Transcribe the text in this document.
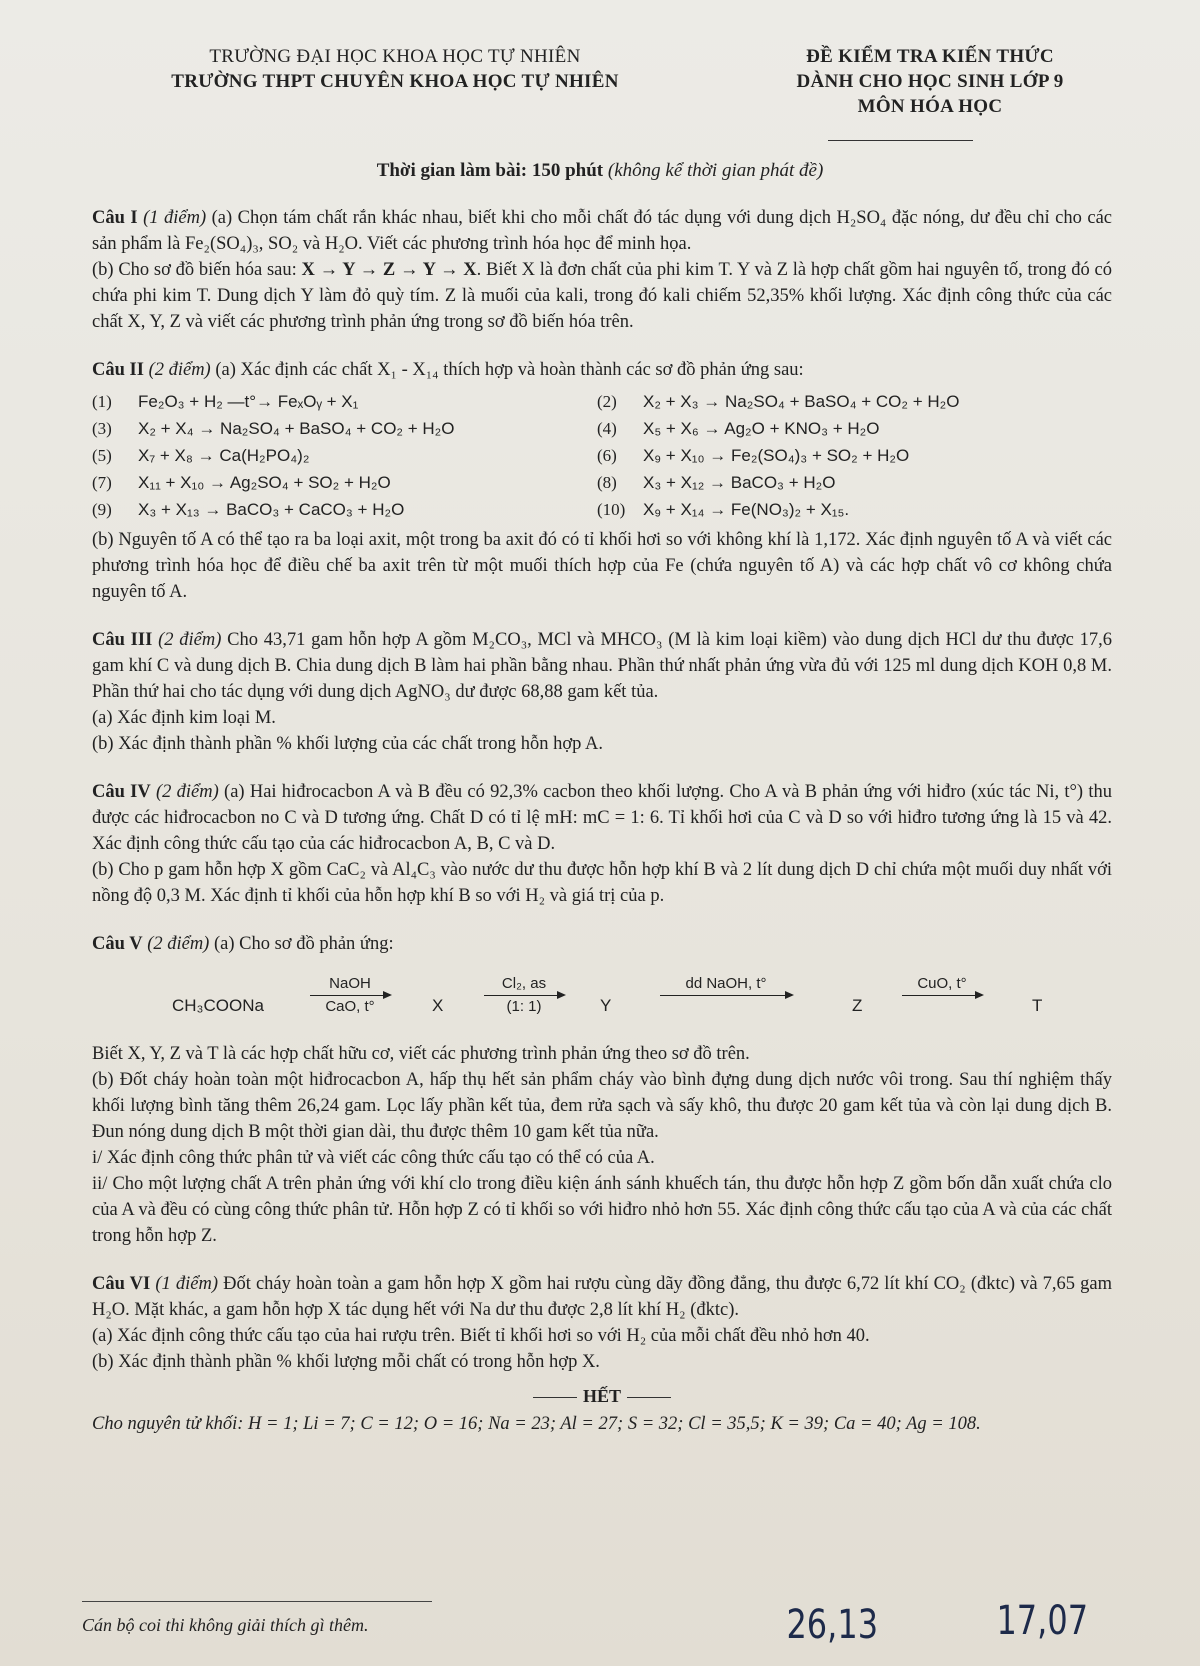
TRƯỜNG ĐẠI HỌC KHOA HỌC TỰ NHIÊN
TRƯỜNG THPT CHUYÊN KHOA HỌC TỰ NHIÊN
ĐỀ KIỂM TRA KIẾN THỨC
DÀNH CHO HỌC SINH LỚP 9
MÔN HÓA HỌC
Thời gian làm bài: 150 phút (không kể thời gian phát đề)

Câu I (1 điểm) (a) Chọn tám chất rắn khác nhau, biết khi cho mỗi chất đó tác dụng với dung dịch H₂SO₄ đặc nóng, dư đều chỉ cho các sản phẩm là Fe₂(SO₄)₃, SO₂ và H₂O. Viết các phương trình hóa học để minh họa.

(b) Cho sơ đồ biến hóa sau: X → Y → Z → Y → X. Biết X là đơn chất của phi kim T. Y và Z là hợp chất gồm hai nguyên tố, trong đó có chứa phi kim T. Dung dịch Y làm đỏ quỳ tím. Z là muối của kali, trong đó kali chiếm 52,35% khối lượng. Xác định công thức của các chất X, Y, Z và viết các phương trình phản ứng trong sơ đồ biến hóa trên.

Câu II (2 điểm) (a) Xác định các chất X₁ - X₁₄ thích hợp và hoàn thành các sơ đồ phản ứng sau:

(1) Fe₂O₃ + H₂ —t°→ FeₓOᵧ + X₁	(2) X₂ + X₃ → Na₂SO₄ + BaSO₄ + CO₂ + H₂O
(3) X₂ + X₄ → Na₂SO₄ + BaSO₄ + CO₂ + H₂O	(4) X₅ + X₆ → Ag₂O + KNO₃ + H₂O
(5) X₇ + X₈ → Ca(H₂PO₄)₂	(6) X₉ + X₁₀ → Fe₂(SO₄)₃ + SO₂ + H₂O
(7) X₁₁ + X₁₀ → Ag₂SO₄ + SO₂ + H₂O	(8) X₃ + X₁₂ → BaCO₃ + H₂O
(9) X₃ + X₁₃ → BaCO₃ + CaCO₃ + H₂O	(10) X₉ + X₁₄ → Fe(NO₃)₂ + X₁₅.

(b) Nguyên tố A có thể tạo ra ba loại axit, một trong ba axit đó có tỉ khối hơi so với không khí là 1,172. Xác định nguyên tố A và viết các phương trình hóa học để điều chế ba axit trên từ một muối thích hợp của Fe (chứa nguyên tố A) và các hợp chất vô cơ không chứa nguyên tố A.

Câu III (2 điểm) Cho 43,71 gam hỗn hợp A gồm M₂CO₃, MCl và MHCO₃ (M là kim loại kiềm) vào dung dịch HCl dư thu được 17,6 gam khí C và dung dịch B. Chia dung dịch B làm hai phần bằng nhau. Phần thứ nhất phản ứng vừa đủ với 125 ml dung dịch KOH 0,8 M. Phần thứ hai cho tác dụng với dung dịch AgNO₃ dư được 68,88 gam kết tủa.

(a) Xác định kim loại M.

(b) Xác định thành phần % khối lượng của các chất trong hỗn hợp A.

Câu IV (2 điểm) (a) Hai hiđrocacbon A và B đều có 92,3% cacbon theo khối lượng. Cho A và B phản ứng với hiđro (xúc tác Ni, t°) thu được các hiđrocacbon no C và D tương ứng. Chất D có tỉ lệ mH: mC = 1: 6. Tỉ khối hơi của C và D so với hiđro tương ứng là 15 và 42. Xác định công thức cấu tạo của các hiđrocacbon A, B, C và D.

(b) Cho p gam hỗn hợp X gồm CaC₂ và Al₄C₃ vào nước dư thu được hỗn hợp khí B và 2 lít dung dịch D chỉ chứa một muối duy nhất với nồng độ 0,3 M. Xác định tỉ khối của hỗn hợp khí B so với H₂ và giá trị của p.

Câu V (2 điểm) (a) Cho sơ đồ phản ứng:

CH₃COONa
NaOH
CaO, t°	X
Cl₂, as
(1: 1)	Y
dd NaOH, t°
Z
CuO, t°
T

Biết X, Y, Z và T là các hợp chất hữu cơ, viết các phương trình phản ứng theo sơ đồ trên.

(b) Đốt cháy hoàn toàn một hiđrocacbon A, hấp thụ hết sản phẩm cháy vào bình đựng dung dịch nước vôi trong. Sau thí nghiệm thấy khối lượng bình tăng thêm 26,24 gam. Lọc lấy phần kết tủa, đem rửa sạch và sấy khô, thu được 20 gam kết tủa và còn lại dung dịch B. Đun nóng dung dịch B một thời gian dài, thu được thêm 10 gam kết tủa nữa.

i/ Xác định công thức phân tử và viết các công thức cấu tạo có thể có của A.

ii/ Cho một lượng chất A trên phản ứng với khí clo trong điều kiện ánh sánh khuếch tán, thu được hỗn hợp Z gồm bốn dẫn xuất chứa clo của A và đều có cùng công thức phân tử. Hỗn hợp Z có tỉ khối so với hiđro nhỏ hơn 55. Xác định công thức cấu tạo của A và của các chất trong hỗn hợp Z.

Câu VI (1 điểm) Đốt cháy hoàn toàn a gam hỗn hợp X gồm hai rượu cùng dãy đồng đẳng, thu được 6,72 lít khí CO₂ (đktc) và 7,65 gam H₂O. Mặt khác, a gam hỗn hợp X tác dụng hết với Na dư thu được 2,8 lít khí H₂ (đktc).

(a) Xác định công thức cấu tạo của hai rượu trên. Biết tỉ khối hơi so với H₂ của mỗi chất đều nhỏ hơn 40.

(b) Xác định thành phần % khối lượng mỗi chất có trong hỗn hợp X.

HẾT

Cho nguyên tử khối: H = 1; Li = 7; C = 12; O = 16; Na = 23; Al = 27; S = 32; Cl = 35,5; K = 39; Ca = 40; Ag = 108.

Cán bộ coi thi không giải thích gì thêm.	26,13	17,07
